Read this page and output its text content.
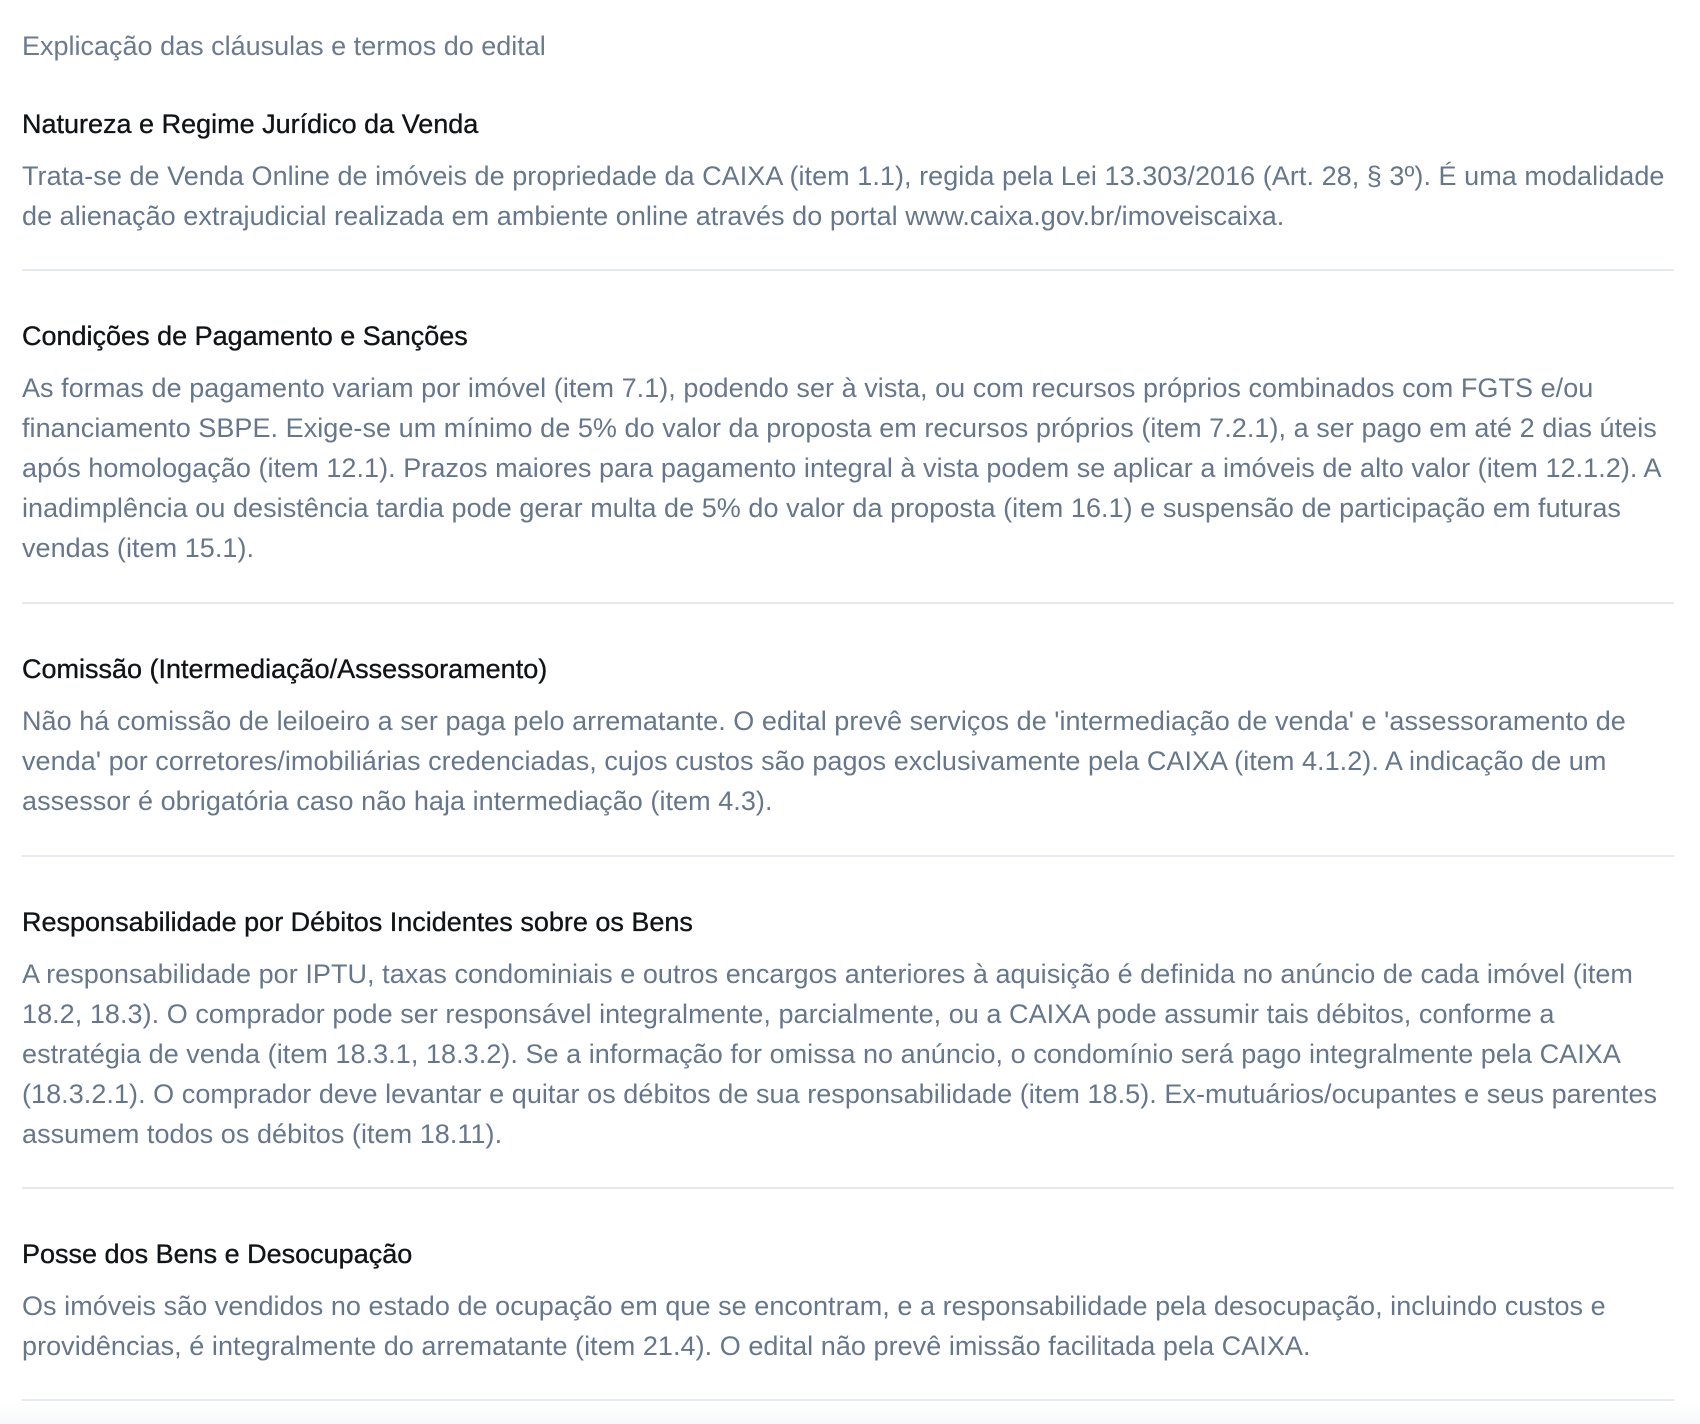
Explicação das cláusulas e termos do edital
Natureza e Regime Jurídico da Venda

Trata-se de Venda Online de imóveis de propriedade da CAIXA (item 1.1), regida pela Lei 13.303/2016 (Art. 28, § 3º). É uma modalidade de alienação extrajudicial realizada em ambiente online através do portal www.caixa.gov.br/imoveiscaixa.

Condições de Pagamento e Sanções

As formas de pagamento variam por imóvel (item 7.1), podendo ser à vista, ou com recursos próprios combinados com FGTS e/ou financiamento SBPE. Exige-se um mínimo de 5% do valor da proposta em recursos próprios (item 7.2.1), a ser pago em até 2 dias úteis após homologação (item 12.1). Prazos maiores para pagamento integral à vista podem se aplicar a imóveis de alto valor (item 12.1.2). A inadimplência ou desistência tardia pode gerar multa de 5% do valor da proposta (item 16.1) e suspensão de participação em futuras vendas (item 15.1).

Comissão (Intermediação/Assessoramento)

Não há comissão de leiloeiro a ser paga pelo arrematante. O edital prevê serviços de 'intermediação de venda' e 'assessoramento de venda' por corretores/imobiliárias credenciadas, cujos custos são pagos exclusivamente pela CAIXA (item 4.1.2). A indicação de um assessor é obrigatória caso não haja intermediação (item 4.3).

Responsabilidade por Débitos Incidentes sobre os Bens

A responsabilidade por IPTU, taxas condominiais e outros encargos anteriores à aquisição é definida no anúncio de cada imóvel (item 18.2, 18.3). O comprador pode ser responsável integralmente, parcialmente, ou a CAIXA pode assumir tais débitos, conforme a estratégia de venda (item 18.3.1, 18.3.2). Se a informação for omissa no anúncio, o condomínio será pago integralmente pela CAIXA (18.3.2.1). O comprador deve levantar e quitar os débitos de sua responsabilidade (item 18.5). Ex-mutuários/ocupantes e seus parentes assumem todos os débitos (item 18.11).

Posse dos Bens e Desocupação

Os imóveis são vendidos no estado de ocupação em que se encontram, e a responsabilidade pela desocupação, incluindo custos e providências, é integralmente do arrematante (item 21.4). O edital não prevê imissão facilitada pela CAIXA.
